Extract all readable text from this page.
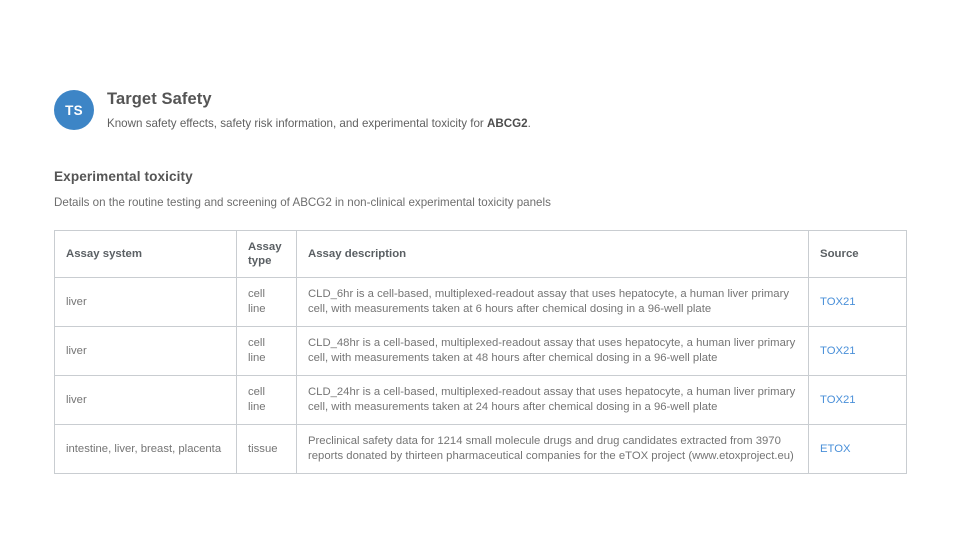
TS
Target Safety
Known safety effects, safety risk information, and experimental toxicity for ABCG2.
Experimental toxicity
Details on the routine testing and screening of ABCG2 in non-clinical experimental toxicity panels
Assay system	Assay type	Assay description	Source
liver	cell line	CLD_6hr is a cell-based, multiplexed-readout assay that uses hepatocyte, a human liver primary cell, with measurements taken at 6 hours after chemical dosing in a 96-well plate	TOX21
liver	cell line	CLD_48hr is a cell-based, multiplexed-readout assay that uses hepatocyte, a human liver primary cell, with measurements taken at 48 hours after chemical dosing in a 96-well plate	TOX21
liver	cell line	CLD_24hr is a cell-based, multiplexed-readout assay that uses hepatocyte, a human liver primary cell, with measurements taken at 24 hours after chemical dosing in a 96-well plate	TOX21
intestine, liver, breast, placenta	tissue	Preclinical safety data for 1214 small molecule drugs and drug candidates extracted from 3970 reports donated by thirteen pharmaceutical companies for the eTOX project (www.etoxproject.eu)	ETOX
